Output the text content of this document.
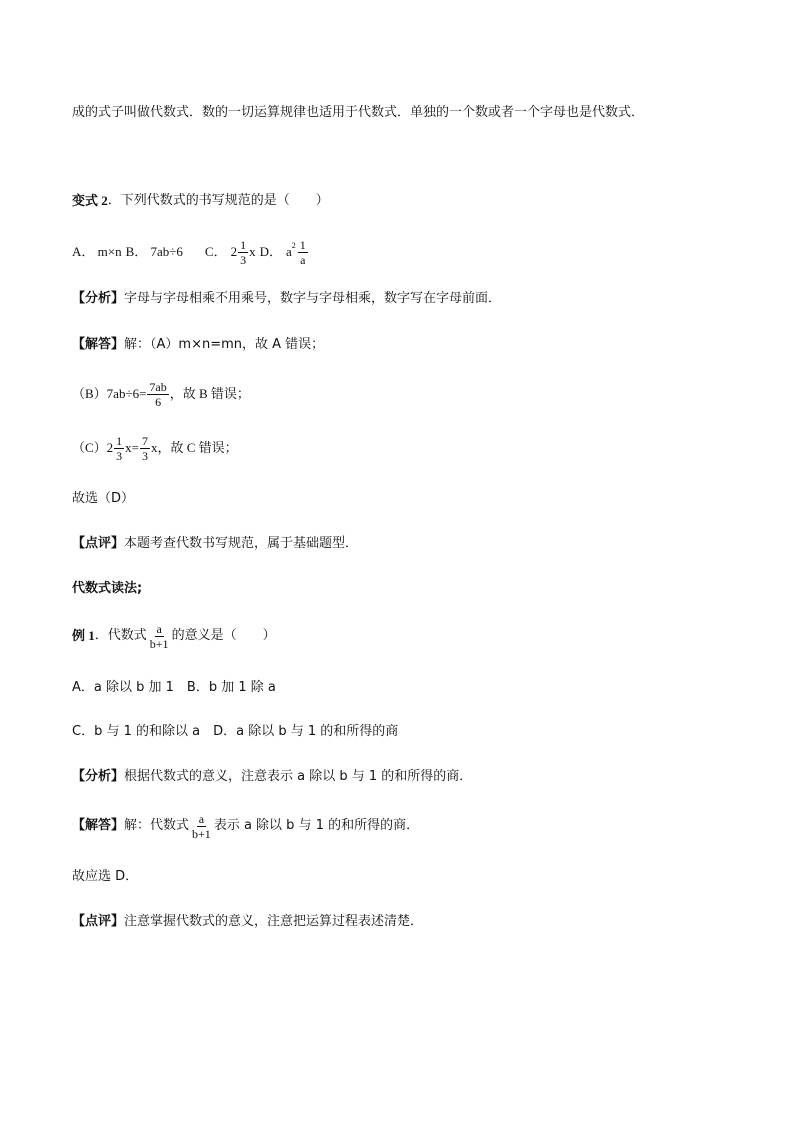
成的式子叫做代数式．数的一切运算规律也适用于代数式．单独的一个数或者一个字母也是代数式．
变式 2 ．下列代数式的书写规范的是（　　）
A． m×n B． 7ab÷6 C． $2 \frac{1}{3}$ x D． a $2 \frac{1}{a}$
【分析】 字母与字母相乘不用乘号，数字与字母相乘，数字写在字母前面．
【解答】 解：（A）m×n=mn，故 A 错误；
$(B)7ab\div 6= \frac{7ab}{6}$ ，故 B 错误；
$(C)2 \frac{1}{3} x= \frac{7}{3}$ x，故 C 错误；
故选（D）
【点评】 本题考查代数书写规范，属于基础题型．
代数式读法;
例 1 ．代数式 $\frac{a}{b+1}$ 的意义是（　　）
A．a 除以 b 加 1　B．b 加 1 除 a
C．b 与 1 的和除以 a　D．a 除以 b 与 1 的和所得的商
【分析】 根据代数式的意义，注意表示 a 除以 b 与 1 的和所得的商．
【解答】 解：代数式 $\frac{a}{b+1}$ 表示 a 除以 b 与 1 的和所得的商．
故应选 D．
【点评】 注意掌握代数式的意义，注意把运算过程表述清楚．
